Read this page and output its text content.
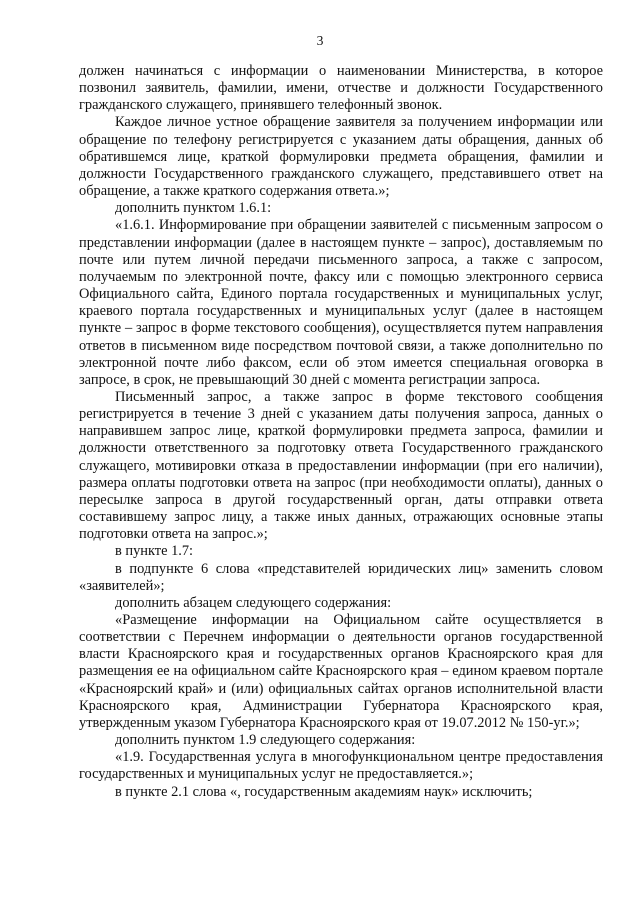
3

должен начинаться с информации о наименовании Министерства, в которое позвонил заявитель, фамилии, имени, отчестве и должности Государственного гражданского служащего, принявшего телефонный звонок.

Каждое личное устное обращение заявителя за получением информации или обращение по телефону регистрируется с указанием даты обращения, данных об обратившемся лице, краткой формулировки предмета обращения, фамилии и должности Государственного гражданского служащего, представившего ответ на обращение, а также краткого содержания ответа.»;

дополнить пунктом 1.6.1:

«1.6.1. Информирование при обращении заявителей с письменным запросом о представлении информации (далее в настоящем пункте – запрос), доставляемым по почте или путем личной передачи письменного запроса, а также с запросом, получаемым по электронной почте, факсу или с помощью электронного сервиса Официального сайта, Единого портала государственных и муниципальных услуг, краевого портала государственных и муниципальных услуг (далее в настоящем пункте – запрос в форме текстового сообщения), осуществляется путем направления ответов в письменном виде посредством почтовой связи, а также дополнительно по электронной почте либо факсом, если об этом имеется специальная оговорка в запросе, в срок, не превышающий 30 дней с момента регистрации запроса.

Письменный запрос, а также запрос в форме текстового сообщения регистрируется в течение 3 дней с указанием даты получения запроса, данных о направившем запрос лице, краткой формулировки предмета запроса, фамилии и должности ответственного за подготовку ответа Государственного гражданского служащего, мотивировки отказа в предоставлении информации (при его наличии), размера оплаты подготовки ответа на запрос (при необходимости оплаты), данных о пересылке запроса в другой государственный орган, даты отправки ответа составившему запрос лицу, а также иных данных, отражающих основные этапы подготовки ответа на запрос.»;

в пункте 1.7:

в подпункте 6 слова «представителей юридических лиц» заменить словом «заявителей»;

дополнить абзацем следующего содержания:

«Размещение информации на Официальном сайте осуществляется в соответствии с Перечнем информации о деятельности органов государственной власти Красноярского края и государственных органов Красноярского края для размещения ее на официальном сайте Красноярского края – едином краевом портале «Красноярский край» и (или) официальных сайтах органов исполнительной власти Красноярского края, Администрации Губернатора Красноярского края, утвержденным указом Губернатора Красноярского края от 19.07.2012 № 150-уг.»;

дополнить пунктом 1.9 следующего содержания:

«1.9. Государственная услуга в многофункциональном центре предоставления государственных и муниципальных услуг не предоставляется.»;

в пункте 2.1 слова «, государственным академиям наук» исключить;
